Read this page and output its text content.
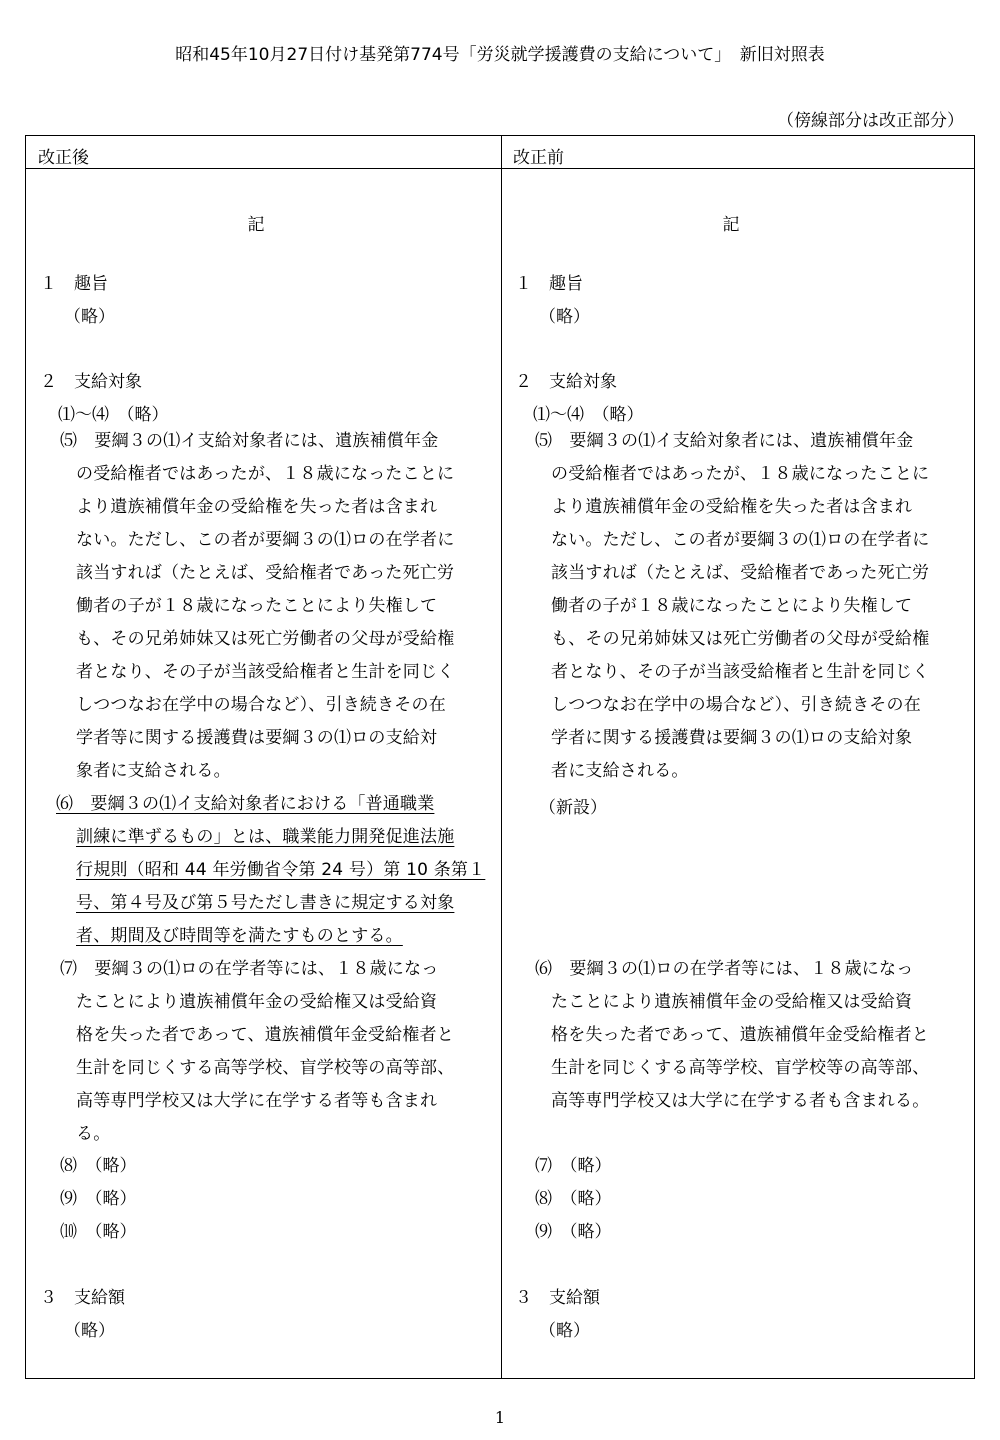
昭和45年10月27日付け基発第774号「労災就学援護費の支給について」　新旧対照表
（傍線部分は改正部分）
改正後	改正前
記
１　趣旨
（略）
２　支給対象
⑴～⑷　（略）
⑸　要綱３の⑴イ支給対象者には、遺族補償年金
の受給権者ではあったが、１８歳になったことに
より遺族補償年金の受給権を失った者は含まれ
ない。ただし、この者が要綱３の⑴ロの在学者に
該当すれば（たとえば、受給権者であった死亡労
働者の子が１８歳になったことにより失権して
も、その兄弟姉妹又は死亡労働者の父母が受給権
者となり、その子が当該受給権者と生計を同じく
しつつなお在学中の場合など）、引き続きその在
学者等に関する援護費は要綱３の⑴ロの支給対
象者に支給される。
⑹　要綱３の⑴イ支給対象者における「普通職業
訓練に準ずるもの」とは、職業能力開発促進法施
行規則（昭和 44 年労働省令第 24 号）第 10 条第１
号、第４号及び第５号ただし書きに規定する対象
者、期間及び時間等を満たすものとする。
⑺　要綱３の⑴ロの在学者等には、１８歳になっ
たことにより遺族補償年金の受給権又は受給資
格を失った者であって、遺族補償年金受給権者と
生計を同じくする高等学校、盲学校等の高等部、
高等専門学校又は大学に在学する者等も含まれ
る。
⑻　（略）
⑼　（略）
⑽　（略）
３　支給額
（略）
記
１　趣旨
（略）
２　支給対象
⑴～⑷　（略）
⑸　要綱３の⑴イ支給対象者には、遺族補償年金
の受給権者ではあったが、１８歳になったことに
より遺族補償年金の受給権を失った者は含まれ
ない。ただし、この者が要綱３の⑴ロの在学者に
該当すれば（たとえば、受給権者であった死亡労
働者の子が１８歳になったことにより失権して
も、その兄弟姉妹又は死亡労働者の父母が受給権
者となり、その子が当該受給権者と生計を同じく
しつつなお在学中の場合など）、引き続きその在
学者に関する援護費は要綱３の⑴ロの支給対象
者に支給される。
（新設）
⑹　要綱３の⑴ロの在学者等には、１８歳になっ
たことにより遺族補償年金の受給権又は受給資
格を失った者であって、遺族補償年金受給権者と
生計を同じくする高等学校、盲学校等の高等部、
高等専門学校又は大学に在学する者も含まれる。
⑺　（略）
⑻　（略）
⑼　（略）
３　支給額
（略）
1
